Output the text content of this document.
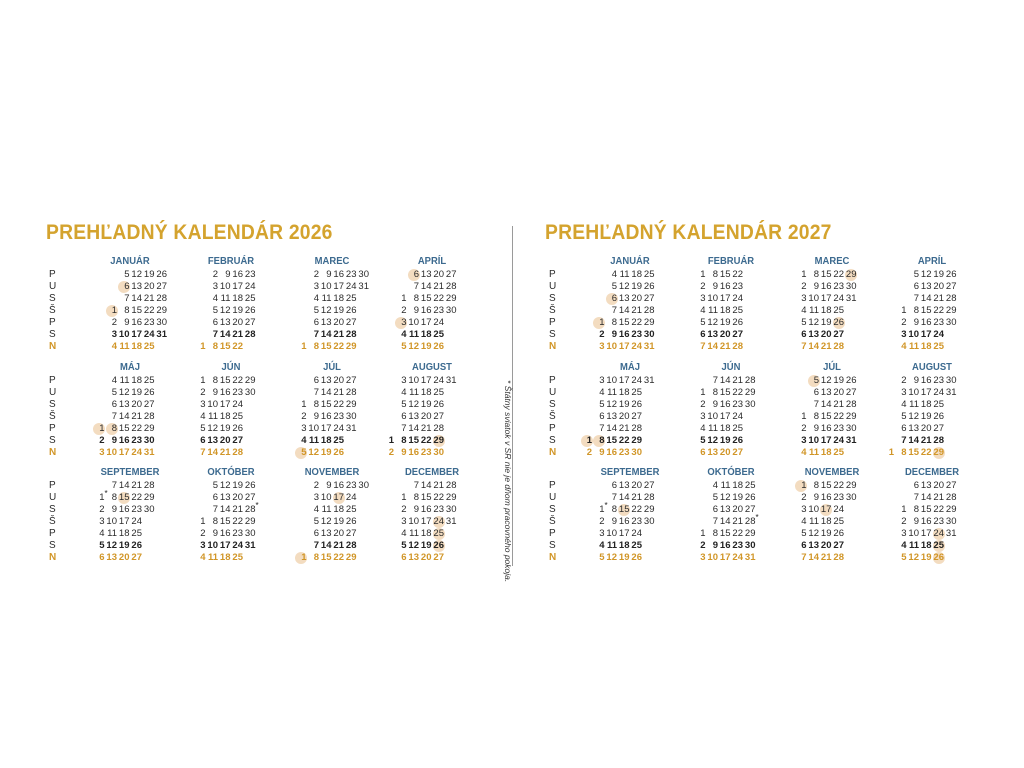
PREHĽADNÝ KALENDÁR 2026	PREHĽADNÝ KALENDÁR 2027
* Štátny sviatok v SR nie je dňom pracovného pokoja.
P
U
S
Š
P
S
N
P
U
S
Š
P
S
N
P
U
S
Š
P
S
N
JANUÁR
5 12 19 26
6 13 20 27
7 14 21 28
1 8 15 22 29
2 9 16 23 30
3 10 17 24 31
4 11 18 25
FEBRUÁR
2 9 16 23
3 10 17 24
4 11 18 25
5 12 19 26
6 13 20 27
7 14 21 28
1 8 15 22
MAREC
2 9 16 23 30
3 10 17 24 31
4 11 18 25
5 12 19 26
6 13 20 27
7 14 21 28
1 8 15 22 29
APRÍL
6 13 20 27
7 14 21 28
1 8 15 22 29
2 9 16 23 30
3 10 17 24
4 11 18 25
5 12 19 26
MÁJ
4 11 18 25
5 12 19 26
6 13 20 27
7 14 21 28
1 8 15 22 29
2 9 16 23 30
3 10 17 24 31
JÚN
1 8 15 22 29
2 9 16 23 30
3 10 17 24
4 11 18 25
5 12 19 26
6 13 20 27
7 14 21 28
JÚL
6 13 20 27
7 14 21 28
1 8 15 22 29
2 9 16 23 30
3 10 17 24 31
4 11 18 25
5 12 19 26
AUGUST
3 10 17 24 31
4 11 18 25
5 12 19 26
6 13 20 27
7 14 21 28
1 8 15 22 29
2 9 16 23 30
SEPTEMBER
7 14 21 28
1 * 8 15 22 29
2 9 16 23 30
3 10 17 24
4 11 18 25
5 12 19 26
6 13 20 27
OKTÓBER
5 12 19 26
6 13 20 27
7 14 21 28 *
1 8 15 22 29
2 9 16 23 30
3 10 17 24 31
4 11 18 25
NOVEMBER
2 9 16 23 30
3 10 17 24
4 11 18 25
5 12 19 26
6 13 20 27
7 14 21 28
1 8 15 22 29
DECEMBER
7 14 21 28
1 8 15 22 29
2 9 16 23 30
3 10 17 24 31
4 11 18 25
5 12 19 26
6 13 20 27
P
U
S
Š
P
S
N
P
U
S
Š
P
S
N
P
U
S
Š
P
S
N
JANUÁR
4 11 18 25
5 12 19 26
6 13 20 27
7 14 21 28
1 8 15 22 29
2 9 16 23 30
3 10 17 24 31
FEBRUÁR
1 8 15 22
2 9 16 23
3 10 17 24
4 11 18 25
5 12 19 26
6 13 20 27
7 14 21 28
MAREC
1 8 15 22 29
2 9 16 23 30
3 10 17 24 31
4 11 18 25
5 12 19 26
6 13 20 27
7 14 21 28
APRÍL
5 12 19 26
6 13 20 27
7 14 21 28
1 8 15 22 29
2 9 16 23 30
3 10 17 24
4 11 18 25
MÁJ
3 10 17 24 31
4 11 18 25
5 12 19 26
6 13 20 27
7 14 21 28
1 8 15 22 29
2 9 16 23 30
JÚN
7 14 21 28
1 8 15 22 29
2 9 16 23 30
3 10 17 24
4 11 18 25
5 12 19 26
6 13 20 27
JÚL
5 12 19 26
6 13 20 27
7 14 21 28
1 8 15 22 29
2 9 16 23 30
3 10 17 24 31
4 11 18 25
AUGUST
2 9 16 23 30
3 10 17 24 31
4 11 18 25
5 12 19 26
6 13 20 27
7 14 21 28
1 8 15 22 29
SEPTEMBER
6 13 20 27
7 14 21 28
1 * 8 15 22 29
2 9 16 23 30
3 10 17 24
4 11 18 25
5 12 19 26
OKTÓBER
4 11 18 25
5 12 19 26
6 13 20 27
7 14 21 28 *
1 8 15 22 29
2 9 16 23 30
3 10 17 24 31
NOVEMBER
1 8 15 22 29
2 9 16 23 30
3 10 17 24
4 11 18 25
5 12 19 26
6 13 20 27
7 14 21 28
DECEMBER
6 13 20 27
7 14 21 28
1 8 15 22 29
2 9 16 23 30
3 10 17 24 31
4 11 18 25
5 12 19 26
